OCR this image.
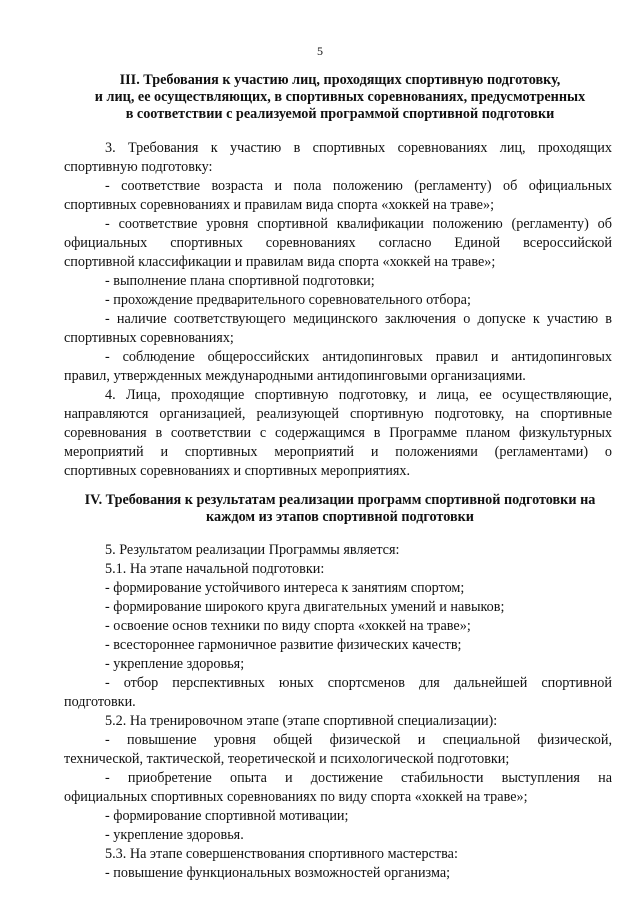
5
III. Требования к участию лиц, проходящих спортивную подготовку,
и лиц, ее осуществляющих, в спортивных соревнованиях, предусмотренных
в соответствии с реализуемой программой спортивной подготовки
3. Требования к участию в спортивных соревнованиях лиц, проходящих
спортивную подготовку:
- соответствие возраста и пола положению (регламенту) об официальных
спортивных соревнованиях и правилам вида спорта «хоккей на траве»;
- соответствие уровня спортивной квалификации положению (регламенту) об
официальных спортивных соревнованиях согласно Единой всероссийской
спортивной классификации и правилам вида спорта «хоккей на траве»;
- выполнение плана спортивной подготовки;
- прохождение предварительного соревновательного отбора;
- наличие соответствующего медицинского заключения о допуске к участию в
спортивных соревнованиях;
- соблюдение общероссийских антидопинговых правил и антидопинговых
правил, утвержденных международными антидопинговыми организациями.
4. Лица, проходящие спортивную подготовку, и лица, ее осуществляющие,
направляются организацией, реализующей спортивную подготовку, на спортивные
соревнования в соответствии с содержащимся в Программе планом физкультурных
мероприятий и спортивных мероприятий и положениями (регламентами) о
спортивных соревнованиях и спортивных мероприятиях.
IV. Требования к результатам реализации программ спортивной подготовки на
каждом из этапов спортивной подготовки
5. Результатом реализации Программы является:
5.1. На этапе начальной подготовки:
- формирование устойчивого интереса к занятиям спортом;
- формирование широкого круга двигательных умений и навыков;
- освоение основ техники по виду спорта «хоккей на траве»;
- всестороннее гармоничное развитие физических качеств;
- укрепление здоровья;
- отбор перспективных юных спортсменов для дальнейшей спортивной
подготовки.
5.2. На тренировочном этапе (этапе спортивной специализации):
- повышение уровня общей физической и специальной физической,
технической, тактической, теоретической и психологической подготовки;
- приобретение опыта и достижение стабильности выступления на
официальных спортивных соревнованиях по виду спорта «хоккей на траве»;
- формирование спортивной мотивации;
- укрепление здоровья.
5.3. На этапе совершенствования спортивного мастерства:
- повышение функциональных возможностей организма;
